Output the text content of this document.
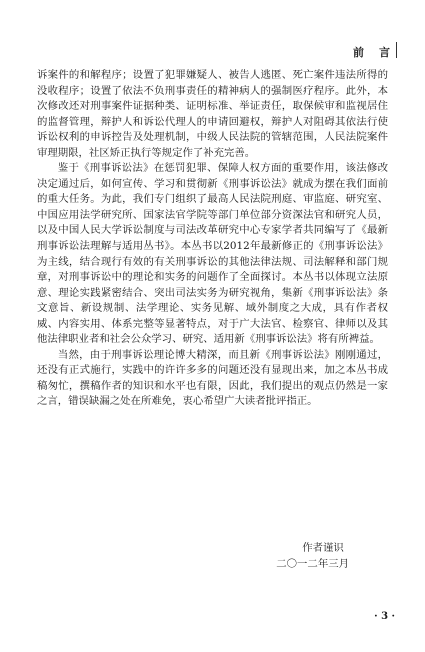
前　言

诉案件的和解程序；设置了犯罪嫌疑人、被告人逃匿、死亡案件违法所得的没收程序；设置了依法不负刑事责任的精神病人的强制医疗程序。此外，本次修改还对刑事案件证据种类、证明标准、举证责任，取保候审和监视居住的监督管理，辩护人和诉讼代理人的申请回避权，辩护人对阻碍其依法行使诉讼权利的申诉控告及处理机制，中级人民法院的管辖范围，人民法院案件审理期限，社区矫正执行等规定作了补充完善。

鉴于《刑事诉讼法》在惩罚犯罪、保障人权方面的重要作用，该法修改决定通过后，如何宣传、学习和贯彻新《刑事诉讼法》就成为摆在我们面前的重大任务。为此，我们专门组织了最高人民法院刑庭、审监庭、研究室、中国应用法学研究所、国家法官学院等部门单位部分资深法官和研究人员，以及中国人民大学诉讼制度与司法改革研究中心专家学者共同编写了《最新刑事诉讼法理解与适用丛书》。本丛书以2012年最新修正的《刑事诉讼法》为主线，结合现行有效的有关刑事诉讼的其他法律法规、司法解释和部门规章，对刑事诉讼中的理论和实务的问题作了全面探讨。本丛书以体现立法原意、理论实践紧密结合、突出司法实务为研究视角，集新《刑事诉讼法》条文意旨、新设规制、法学理论、实务见解、域外制度之大成，具有作者权威、内容实用、体系完整等显著特点，对于广大法官、检察官、律师以及其他法律职业者和社会公众学习、研究、适用新《刑事诉讼法》将有所裨益。

当然，由于刑事诉讼理论博大精深，而且新《刑事诉讼法》刚刚通过，还没有正式施行，实践中的许许多多的问题还没有显现出来，加之本丛书成稿匆忙，撰稿作者的知识和水平也有限，因此，我们提出的观点仍然是一家之言，错误缺漏之处在所难免，衷心希望广大读者批评指正。

作者谨识
二〇一二年三月
· 3 ·
